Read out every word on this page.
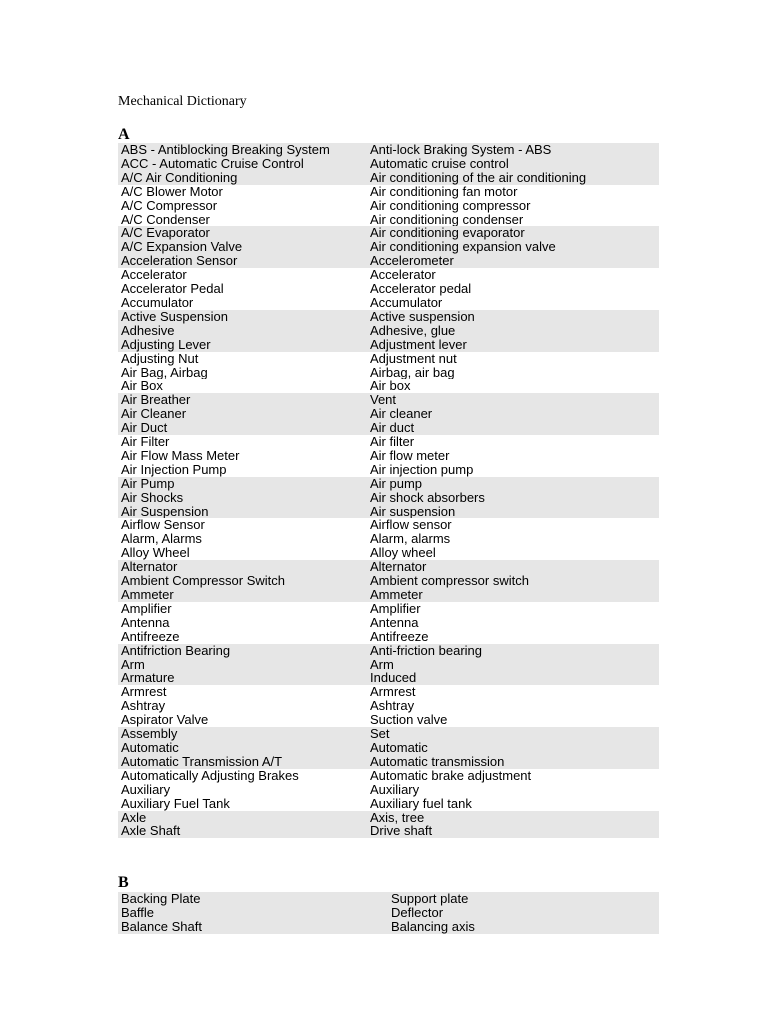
Mechanical Dictionary
A
ABS - Antiblocking Breaking System	Anti-lock Braking System - ABS
ACC - Automatic Cruise Control	Automatic cruise control
A/C Air Conditioning	Air conditioning of the air conditioning
A/C Blower Motor	Air conditioning fan motor
A/C Compressor	Air conditioning compressor
A/C Condenser	Air conditioning condenser
A/C Evaporator	Air conditioning evaporator
A/C Expansion Valve	Air conditioning expansion valve
Acceleration Sensor	Accelerometer
Accelerator	Accelerator
Accelerator Pedal	Accelerator pedal
Accumulator	Accumulator
Active Suspension	Active suspension
Adhesive	Adhesive, glue
Adjusting Lever	Adjustment lever
Adjusting Nut	Adjustment nut
Air Bag, Airbag	Airbag, air bag
Air Box	Air box
Air Breather	Vent
Air Cleaner	Air cleaner
Air Duct	Air duct
Air Filter	Air filter
Air Flow Mass Meter	Air flow meter
Air Injection Pump	Air injection pump
Air Pump	Air pump
Air Shocks	Air shock absorbers
Air Suspension	Air suspension
Airflow Sensor	Airflow sensor
Alarm, Alarms	Alarm, alarms
Alloy Wheel	Alloy wheel
Alternator	Alternator
Ambient Compressor Switch	Ambient compressor switch
Ammeter	Ammeter
Amplifier	Amplifier
Antenna	Antenna
Antifreeze	Antifreeze
Antifriction Bearing	Anti-friction bearing
Arm	Arm
Armature	Induced
Armrest	Armrest
Ashtray	Ashtray
Aspirator Valve	Suction valve
Assembly	Set
Automatic	Automatic
Automatic Transmission A/T	Automatic transmission
Automatically Adjusting Brakes	Automatic brake adjustment
Auxiliary	Auxiliary
Auxiliary Fuel Tank	Auxiliary fuel tank
Axle	Axis, tree
Axle Shaft	Drive shaft
B
Backing Plate	Support plate
Baffle	Deflector
Balance Shaft	Balancing axis
